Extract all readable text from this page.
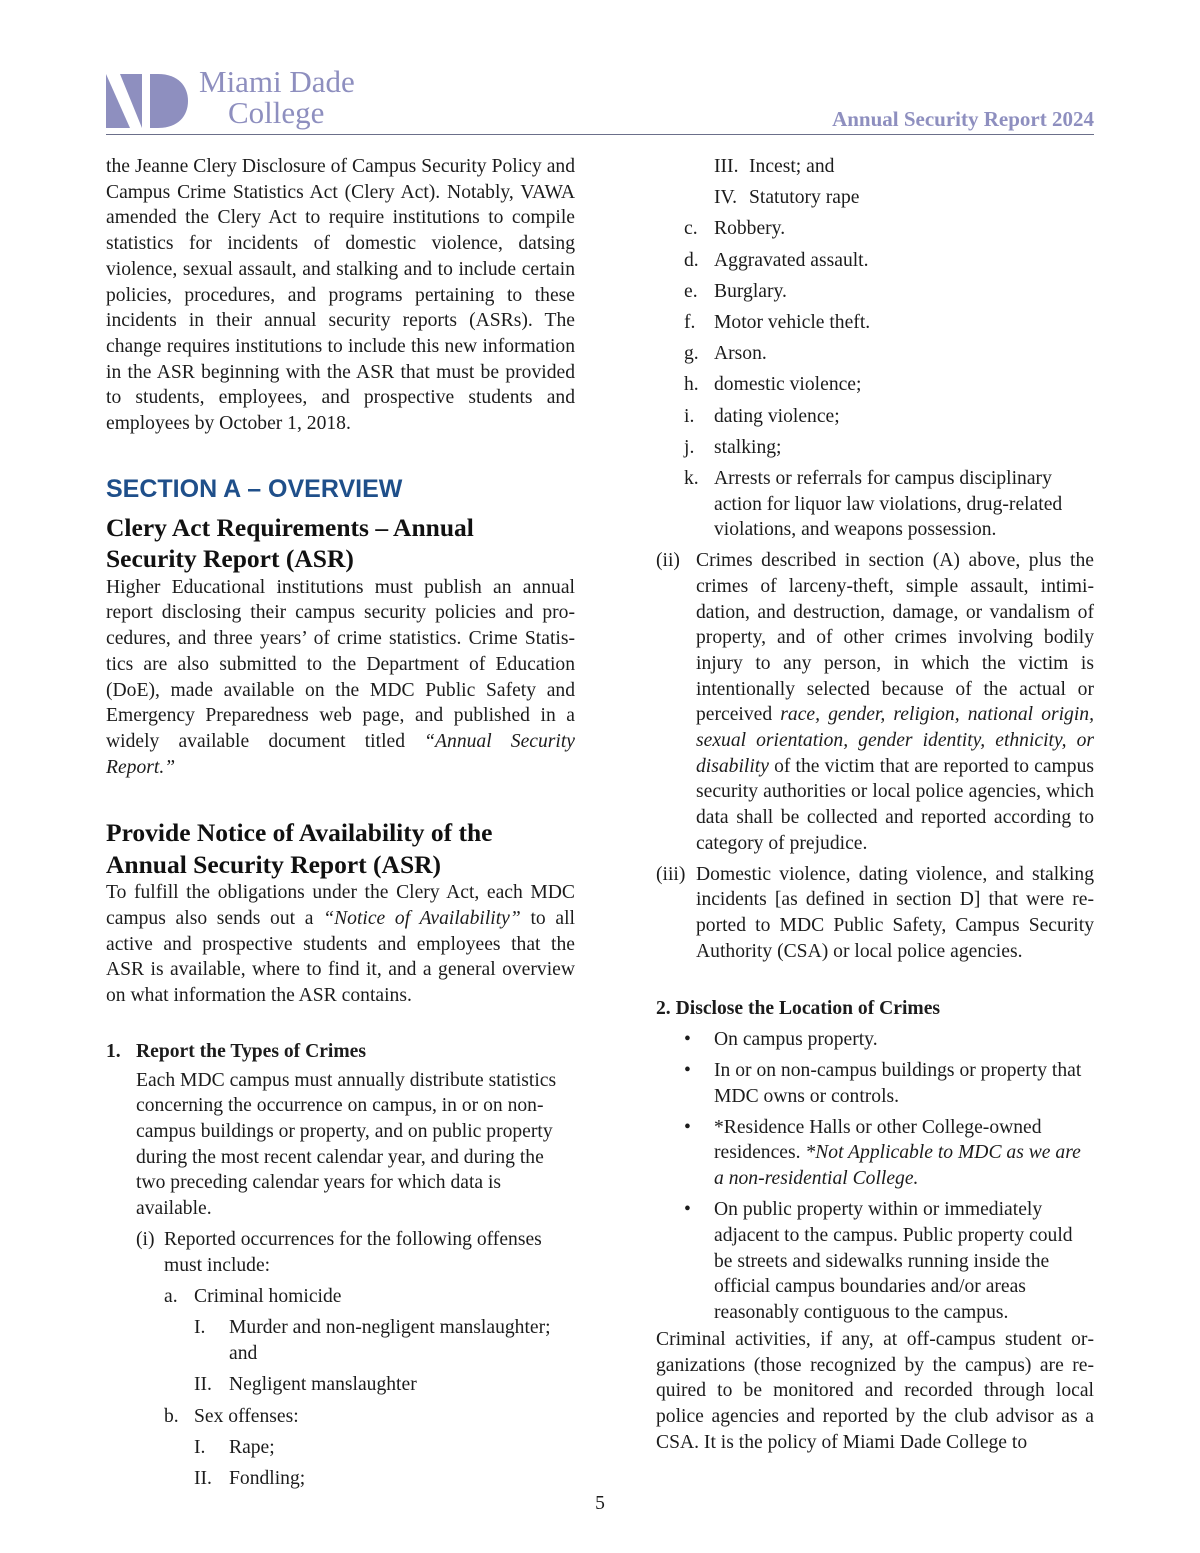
Miami Dade
College	Annual Security Report 2024

the Jeanne Clery Disclosure of Campus Security Policy and Campus Crime Statistics Act (Clery Act). Notably, VAWA amended the Clery Act to require institutions to compile statistics for incidents of domestic violence, datsing violence, sexual assault, and stalking and to include certain policies, procedures, and programs pertaining to these incidents in their annual security reports (ASRs). The change requires institutions to include this new information in the ASR beginning with the ASR that must be provided to students, employees, and prospective students and employees by October 1, 2018.

SECTION A – OVERVIEW
Clery Act Requirements – Annual
Security Report (ASR)

Higher Educational institutions must publish an annual report disclosing their campus security policies and procedures, and three years’ of crime statistics. Crime Statistics are also submitted to the Department of Education (DoE), made available on the MDC Public Safety and Emergency Preparedness web page, and published in a widely available document titled “Annual Security Report.”

Provide Notice of Availability of the
Annual Security Report (ASR)

To fulfill the obligations under the Clery Act, each MDC campus also sends out a “Notice of Availability” to all active and prospective students and employees that the ASR is available, where to find it, and a general overview on what information the ASR contains.

1. Report the Types of Crimes

Each MDC campus must annually distribute statistics concerning the occurrence on campus, in or on non-campus buildings or property, and on public property during the most recent calendar year, and during the two preceding calendar years for which data is available.

(i) Reported occurrences for the following offenses must include:
a. Criminal homicide
I.	Murder and non-negligent manslaughter; and
II. Negligent manslaughter
b. Sex offenses:
I.	Rape;
II. Fondling;
III. Incest; and
IV. Statutory rape
c. Robbery.
d. Aggravated assault.
e. Burglary.
f. Motor vehicle theft.
g. Arson.
h. domestic violence;
i.	dating violence;
j.	stalking;
k. Arrests or referrals for campus disciplinary action for liquor law violations, drug-related violations, and weapons possession.
(ii) Crimes described in section (A) above, plus the crimes of larceny-theft, simple assault, intimidation, and destruction, damage, or vandalism of property, and of other crimes involving bodily injury to any person, in which the victim is intentionally selected because of the actual or perceived race, gender, religion, national origin, sexual orientation, gender identity, ethnicity, or disability of the victim that are reported to campus security authorities or local police agencies, which data shall be collected and reported according to category of prejudice.
(iii) Domestic violence, dating violence, and stalking incidents [as defined in section D] that were reported to MDC Public Safety, Campus Security Authority (CSA) or local police agencies.
2. Disclose the Location of Crimes
•	On campus property.
•	In or on non-campus buildings or property that MDC owns or controls.
•	*Residence Halls or other College-owned residences. *Not Applicable to MDC as we are a non-residential College.
•	On public property within or immediately adjacent to the campus. Public property could be streets and sidewalks running inside the official campus boundaries and/or areas reasonably contiguous to the campus.

Criminal activities, if any, at off-campus student organizations (those recognized by the campus) are required to be monitored and recorded through local police agencies and reported by the club advisor as a CSA. It is the policy of Miami Dade College to

5
